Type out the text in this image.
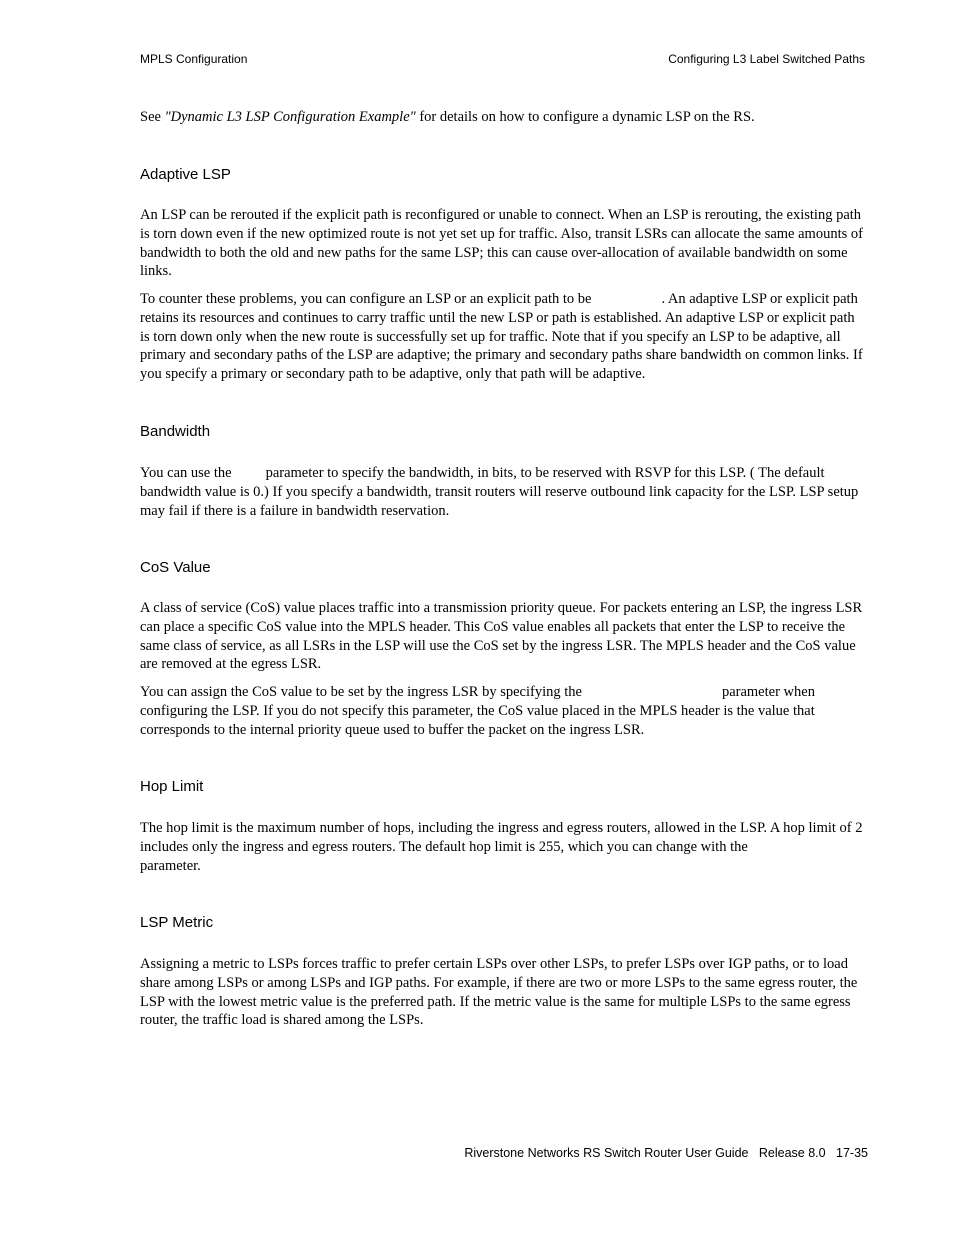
MPLS Configuration	Configuring L3 Label Switched Paths
See "Dynamic L3 LSP Configuration Example" for details on how to configure a dynamic LSP on the RS.
Adaptive LSP
An LSP can be rerouted if the explicit path is reconfigured or unable to connect. When an LSP is rerouting, the existing path is torn down even if the new optimized route is not yet set up for traffic. Also, transit LSRs can allocate the same amounts of bandwidth to both the old and new paths for the same LSP; this can cause over-allocation of available bandwidth on some links.
To counter these problems, you can configure an LSP or an explicit path to be	. An adaptive LSP or explicit path retains its resources and continues to carry traffic until the new LSP or path is established. An adaptive LSP or explicit path is torn down only when the new route is successfully set up for traffic. Note that if you specify an LSP to be adaptive, all primary and secondary paths of the LSP are adaptive; the primary and secondary paths share bandwidth on common links. If you specify a primary or secondary path to be adaptive, only that path will be adaptive.
Bandwidth
You can use the parameter to specify the bandwidth, in bits, to be reserved with RSVP for this LSP. ( The default bandwidth value is 0.) If you specify a bandwidth, transit routers will reserve outbound link capacity for the LSP. LSP setup may fail if there is a failure in bandwidth reservation.
CoS Value
A class of service (CoS) value places traffic into a transmission priority queue. For packets entering an LSP, the ingress LSR can place a specific CoS value into the MPLS header. This CoS value enables all packets that enter the LSP to receive the same class of service, as all LSRs in the LSP will use the CoS set by the ingress LSR. The MPLS header and the CoS value are removed at the egress LSR.
You can assign the CoS value to be set by the ingress LSR by specifying the	parameter when configuring the LSP. If you do not specify this parameter, the CoS value placed in the MPLS header is the value that corresponds to the internal priority queue used to buffer the packet on the ingress LSR.
Hop Limit
The hop limit is the maximum number of hops, including the ingress and egress routers, allowed in the LSP. A hop limit of 2 includes only the ingress and egress routers. The default hop limit is 255, which you can change with theparameter.
LSP Metric
Assigning a metric to LSPs forces traffic to prefer certain LSPs over other LSPs, to prefer LSPs over IGP paths, or to load share among LSPs or among LSPs and IGP paths. For example, if there are two or more LSPs to the same egress router, the LSP with the lowest metric value is the preferred path. If the metric value is the same for multiple LSPs to the same egress router, the traffic load is shared among the LSPs.
Riverstone Networks RS Switch Router User Guide   Release 8.0   17-35
